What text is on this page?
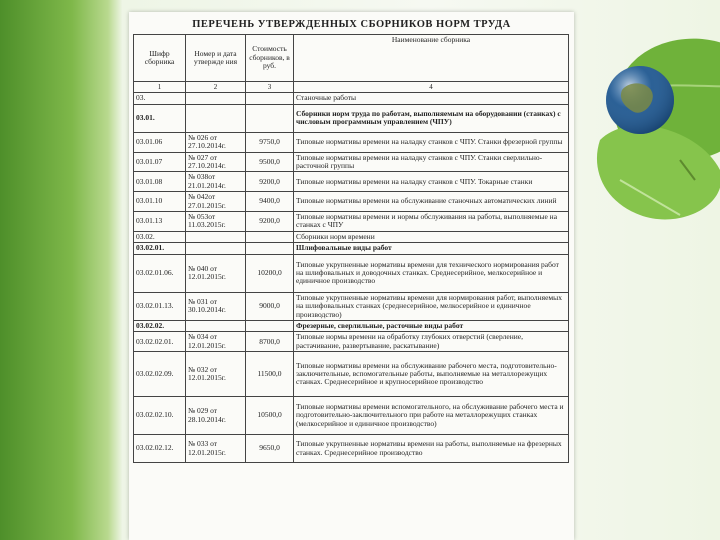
ПЕРЕЧЕНЬ УТВЕРЖДЕННЫХ СБОРНИКОВ НОРМ ТРУДА
Шифр сборника	Номер и дата утвержде ния	Стоимость сборников, в руб.	Наименование сборника
1	2	3	4
03.			Станочные работы
03.01.			Сборники норм труда по работам, выполняемым на оборудовании (станках) с числовым программным управлением (ЧПУ)
03.01.06	№ 026 от 27.10.2014г.	9750,0	Типовые нормативы времени на наладку станков с ЧПУ. Станки фрезерной группы
03.01.07	№ 027 от 27.10.2014г.	9500,0	Типовые нормативы времени на наладку станков с ЧПУ. Станки сверлильно-расточной группы
03.01.08	№ 038от 21.01.2014г.	9200,0	Типовые нормативы времени на наладку станков с ЧПУ. Токарные станки
03.01.10	№ 042от 27.01.2015г.	9400,0	Типовые нормативы времени на обслуживание станочных автоматических линий
03.01.13	№ 053от 11.03.2015г.	9200,0	Типовые нормативы времени и нормы обслуживания на работы, выполняемые на станках с ЧПУ
03.02.			Сборники норм времени
03.02.01.			Шлифовальные виды работ
03.02.01.06.	№ 040 от 12.01.2015г.	10200,0	Типовые укрупненные нормативы времени для технического нормирования работ на шлифовальных и доводочных станках. Среднесерийное, мелкосерийное и единичное производство
03.02.01.13.	№ 031 от 30.10.2014г.	9000,0	Типовые укрупненные нормативы времени для нормирования работ, выполняемых на шлифовальных станках (среднесерийное, мелкосерийное и единичное производство)
03.02.02.			Фрезерные, сверлильные, расточные виды работ
03.02.02.01.	№ 034 от 12.01.2015г.	8700,0	Типовые нормы времени на обработку глубоких отверстий (сверление, растачивание, развертывание, раскатывание)
03.02.02.09.	№ 032 от 12.01.2015г.	11500,0	Типовые нормативы времени на обслуживание рабочего места, подготовительно-заключительные, вспомогательные работы, выполняемые на металлорежущих станках. Среднесерийное и крупносерийное производство
03.02.02.10.	№ 029 от 28.10.2014г.	10500,0	Типовые нормативы времени вспомогательного, на обслуживание рабочего места и подготовительно-заключительного при работе на металлорежущих станках (мелкосерийное и единичное производство)
03.02.02.12.	№ 033 от 12.01.2015г.	9650,0	Типовые укрупненные нормативы времени на работы, выполняемые на фрезерных станках. Среднесерийное производство
